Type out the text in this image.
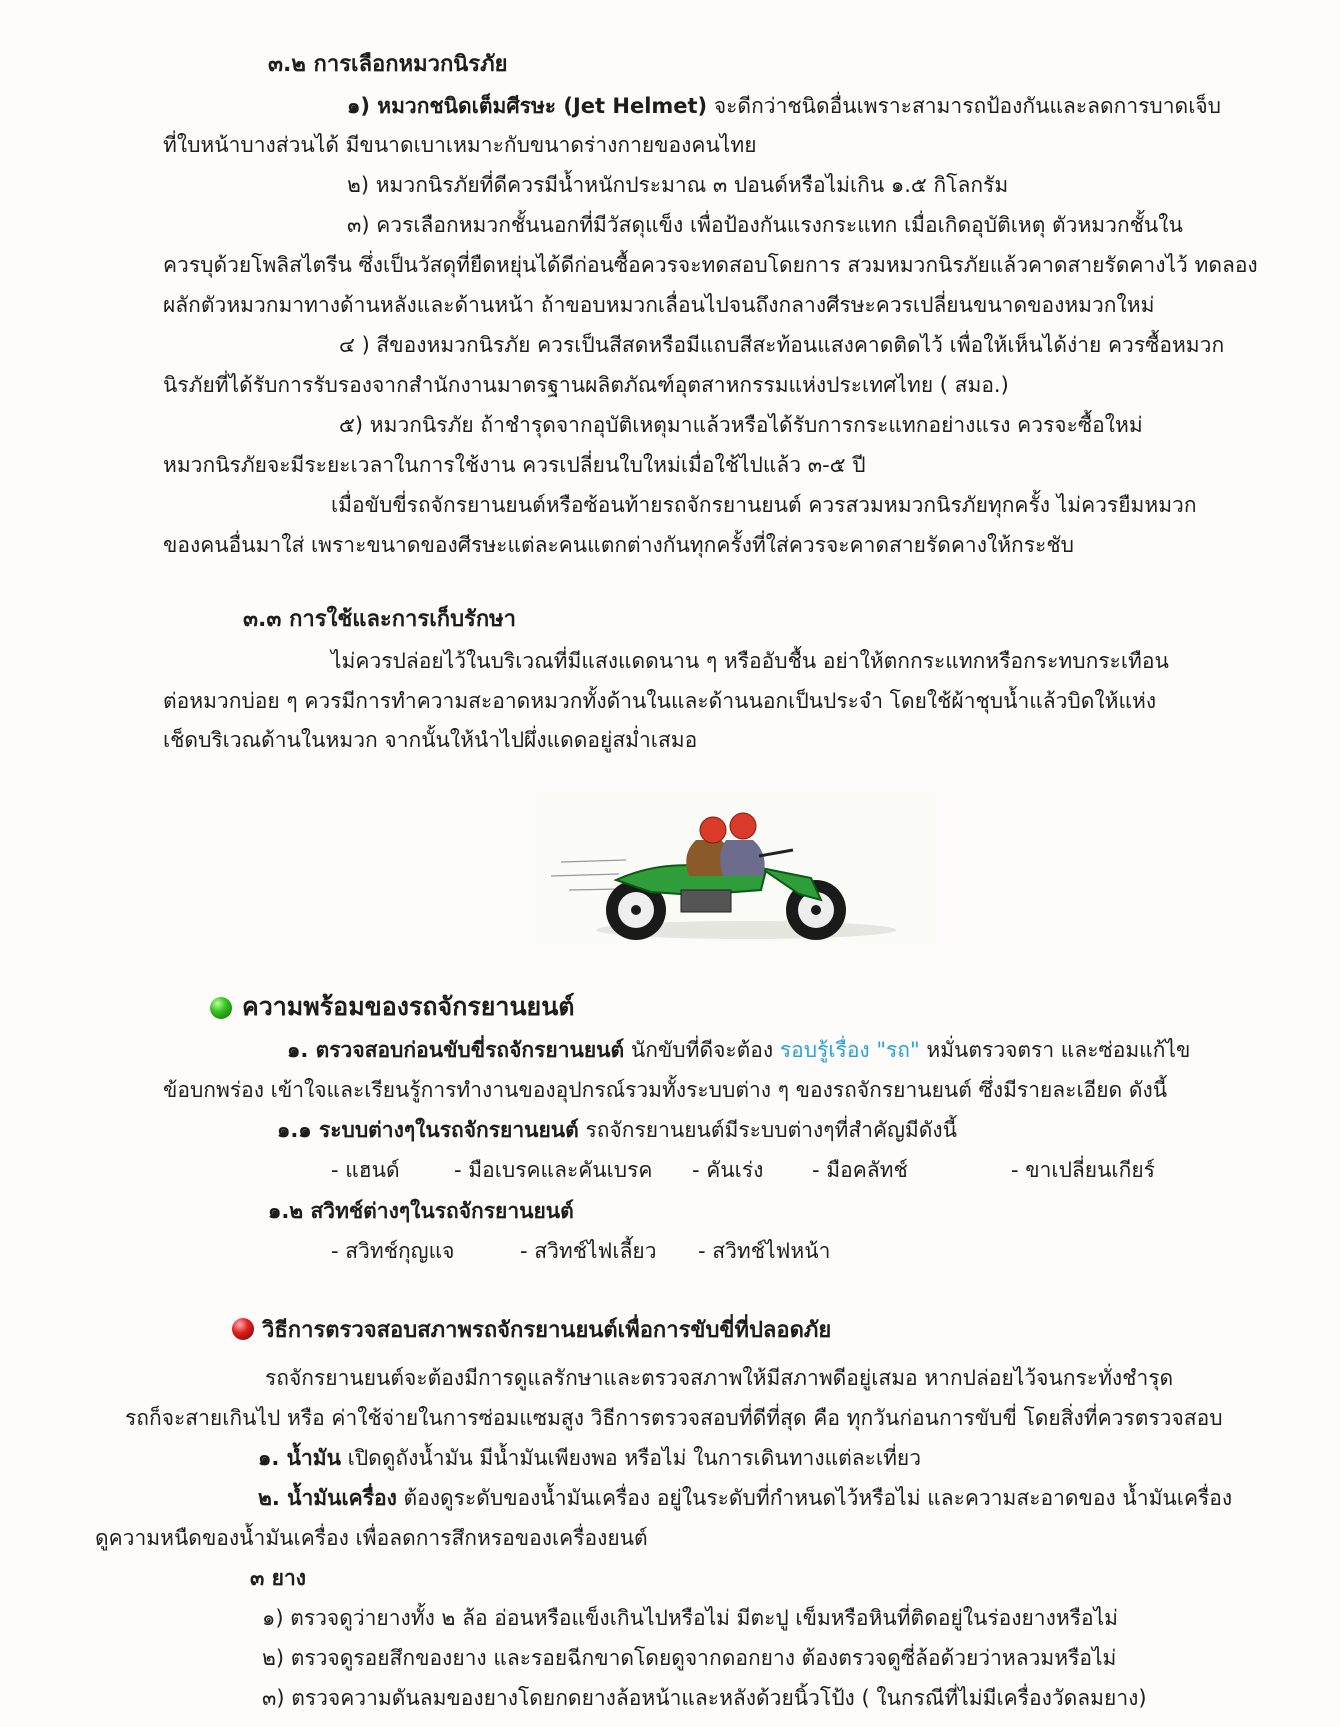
๓.๒ การเลือกหมวกนิรภัย
๑) หมวกชนิดเต็มศีรษะ (Jet Helmet) จะดีกว่าชนิดอื่นเพราะสามารถป้องกันและลดการบาดเจ็บ
ที่ใบหน้าบางส่วนได้ มีขนาดเบาเหมาะกับขนาดร่างกายของคนไทย
๒) หมวกนิรภัยที่ดีควรมีน้ำหนักประมาณ ๓ ปอนด์หรือไม่เกิน ๑.๕ กิโลกรัม
๓) ควรเลือกหมวกชั้นนอกที่มีวัสดุแข็ง เพื่อป้องกันแรงกระแทก เมื่อเกิดอุบัติเหตุ ตัวหมวกชั้นใน
ควรบุด้วยโพลิสไตรีน ซึ่งเป็นวัสดุที่ยืดหยุ่นได้ดีก่อนซื้อควรจะทดสอบโดยการ สวมหมวกนิรภัยแล้วคาดสายรัดคางไว้ ทดลอง
ผลักตัวหมวกมาทางด้านหลังและด้านหน้า ถ้าขอบหมวกเลื่อนไปจนถึงกลางศีรษะควรเปลี่ยนขนาดของหมวกใหม่
๔ ) สีของหมวกนิรภัย ควรเป็นสีสดหรือมีแถบสีสะท้อนแสงคาดติดไว้ เพื่อให้เห็นได้ง่าย ควรซื้อหมวก
นิรภัยที่ได้รับการรับรองจากสำนักงานมาตรฐานผลิตภัณฑ์อุตสาหกรรมแห่งประเทศไทย ( สมอ.)
๕) หมวกนิรภัย ถ้าชำรุดจากอุบัติเหตุมาแล้วหรือได้รับการกระแทกอย่างแรง ควรจะซื้อใหม่
หมวกนิรภัยจะมีระยะเวลาในการใช้งาน ควรเปลี่ยนใบใหม่เมื่อใช้ไปแล้ว ๓-๕ ปี
เมื่อขับขี่รถจักรยานยนต์หรือซ้อนท้ายรถจักรยานยนต์ ควรสวมหมวกนิรภัยทุกครั้ง ไม่ควรยืมหมวก
ของคนอื่นมาใส่ เพราะขนาดของศีรษะแต่ละคนแตกต่างกันทุกครั้งที่ใส่ควรจะคาดสายรัดคางให้กระชับ
๓.๓ การใช้และการเก็บรักษา
ไม่ควรปล่อยไว้ในบริเวณที่มีแสงแดดนาน ๆ หรืออับชื้น อย่าให้ตกกระแทกหรือกระทบกระเทือน
ต่อหมวกบ่อย ๆ ควรมีการทำความสะอาดหมวกทั้งด้านในและด้านนอกเป็นประจำ โดยใช้ผ้าชุบน้ำแล้วบิดให้แห่ง
เช็ดบริเวณด้านในหมวก จากนั้นให้นำไปผึ่งแดดอยู่สม่ำเสมอ
ความพร้อมของรถจักรยานยนต์
๑. ตรวจสอบก่อนขับขี่รถจักรยานยนต์ นักขับที่ดีจะต้อง รอบรู้เรื่อง "รถ" หมั่นตรวจตรา และซ่อมแก้ไข
ข้อบกพร่อง เข้าใจและเรียนรู้การทำงานของอุปกรณ์รวมทั้งระบบต่าง ๆ ของรถจักรยานยนต์ ซึ่งมีรายละเอียด ดังนี้
๑.๑ ระบบต่างๆในรถจักรยานยนต์ รถจักรยานยนต์มีระบบต่างๆที่สำคัญมีดังนี้
- แฮนด์	- มือเบรคและคันเบรค - คันเร่ง - มือคลัทช์	- ขาเปลี่ยนเกียร์
๑.๒ สวิทช์ต่างๆในรถจักรยานยนต์
- สวิทช์กุญแจ	- สวิทช์ไฟเลี้ยว - สวิทช์ไฟหน้า
วิธีการตรวจสอบสภาพรถจักรยานยนต์เพื่อการขับขี่ที่ปลอดภัย
รถจักรยานยนต์จะต้องมีการดูแลรักษาและตรวจสภาพให้มีสภาพดีอยู่เสมอ หากปล่อยไว้จนกระทั่งชำรุด
รถก็จะสายเกินไป หรือ ค่าใช้จ่ายในการซ่อมแซมสูง วิธีการตรวจสอบที่ดีที่สุด คือ ทุกวันก่อนการขับขี่ โดยสิ่งที่ควรตรวจสอบ
๑. น้ำมัน เปิดดูถังน้ำมัน มีน้ำมันเพียงพอ หรือไม่ ในการเดินทางแต่ละเที่ยว
๒. น้ำมันเครื่อง ต้องดูระดับของน้ำมันเครื่อง อยู่ในระดับที่กำหนดไว้หรือไม่ และความสะอาดของ น้ำมันเครื่อง
ดูความหนืดของน้ำมันเครื่อง เพื่อลดการสึกหรอของเครื่องยนต์
๓ ยาง
๑) ตรวจดูว่ายางทั้ง ๒ ล้อ อ่อนหรือแข็งเกินไปหรือไม่ มีตะปู เข็มหรือหินที่ติดอยู่ในร่องยางหรือไม่
๒) ตรวจดูรอยสึกของยาง และรอยฉีกขาดโดยดูจากดอกยาง ต้องตรวจดูซี่ล้อด้วยว่าหลวมหรือไม่
๓) ตรวจความดันลมของยางโดยกดยางล้อหน้าและหลังด้วยนิ้วโป้ง ( ในกรณีที่ไม่มีเครื่องวัดลมยาง)
